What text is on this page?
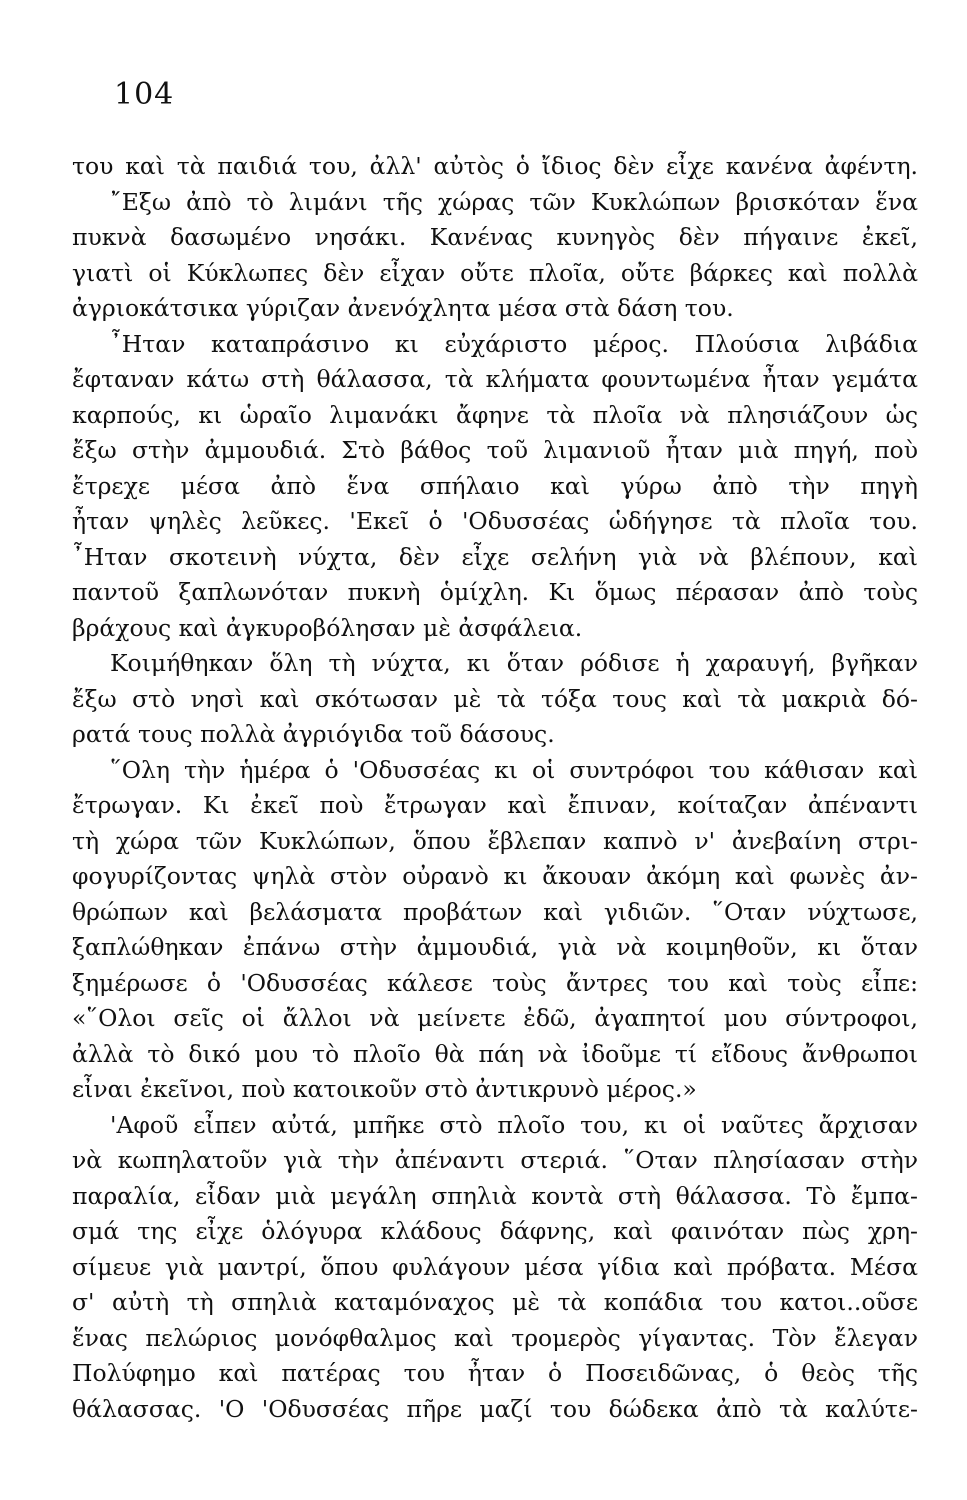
104
του καὶ τὰ παιδιά του, ἀλλ' αὐτὸς ὁ ἴδιος δὲν εἶχε κανένα ἀφέντη.
῎Εξω ἀπὸ τὸ λιμάνι τῆς χώρας τῶν Κυκλώπων βρισκόταν ἕνα
πυκνὰ δασωμένο νησάκι. Κανένας κυνηγὸς δὲν πήγαινε ἐκεῖ,
γιατὶ οἱ Κύκλωπες δὲν εἶχαν οὔτε πλοῖα, οὔτε βάρκες καὶ πολλὰ
ἀγριοκάτσικα γύριζαν ἀνενόχλητα μέσα στὰ δάση του.
῏Ηταν καταπράσινο κι εὐχάριστο μέρος. Πλούσια λιβάδια
ἔφταναν κάτω στὴ θάλασσα, τὰ κλήματα φουντωμένα ἦταν γεμάτα
καρπούς, κι ὡραῖο λιμανάκι ἄφηνε τὰ πλοῖα νὰ πλησιάζουν ὡς
ἔξω στὴν ἀμμουδιά. Στὸ βάθος τοῦ λιμανιοῦ ἦταν μιὰ πηγή, ποὺ
ἔτρεχε μέσα ἀπὸ ἕνα σπήλαιο καὶ γύρω ἀπὸ τὴν πηγὴ
ἦταν ψηλὲς λεῦκες. 'Εκεῖ ὁ 'Οδυσσέας ὡδήγησε τὰ πλοῖα του.
῏Ηταν σκοτεινὴ νύχτα, δὲν εἶχε σελήνη γιὰ νὰ βλέπουν, καὶ
παντοῦ ξαπλωνόταν πυκνὴ ὁμίχλη. Κι ὅμως πέρασαν ἀπὸ τοὺς
βράχους καὶ ἀγκυροβόλησαν μὲ ἀσφάλεια.
Κοιμήθηκαν ὅλη τὴ νύχτα, κι ὅταν ρόδισε ἡ χαραυγή, βγῆκαν
ἔξω στὸ νησὶ καὶ σκότωσαν μὲ τὰ τόξα τους καὶ τὰ μακριὰ δό-
ρατά τους πολλὰ ἀγριόγιδα τοῦ δάσους.
῞Ολη τὴν ἡμέρα ὁ 'Οδυσσέας κι οἱ συντρόφοι του κάθισαν καὶ
ἔτρωγαν. Κι ἐκεῖ ποὺ ἔτρωγαν καὶ ἔπιναν, κοίταζαν ἀπέναντι
τὴ χώρα τῶν Κυκλώπων, ὅπου ἔβλεπαν καπνὸ ν' ἀνεβαίνη στρι-
φογυρίζοντας ψηλὰ στὸν οὐρανὸ κι ἄκουαν ἀκόμη καὶ φωνὲς ἀν-
θρώπων καὶ βελάσματα προβάτων καὶ γιδιῶν. ῞Οταν νύχτωσε,
ξαπλώθηκαν ἐπάνω στὴν ἀμμουδιά, γιὰ νὰ κοιμηθοῦν, κι ὅταν
ξημέρωσε ὁ 'Οδυσσέας κάλεσε τοὺς ἄντρες του καὶ τοὺς εἶπε:
«῞Ολοι σεῖς οἱ ἄλλοι νὰ μείνετε ἐδῶ, ἀγαπητοί μου σύντροφοι,
ἀλλὰ τὸ δικό μου τὸ πλοῖο θὰ πάη νὰ ἰδοῦμε τί εἴδους ἄνθρωποι
εἶναι ἐκεῖνοι, ποὺ κατοικοῦν στὸ ἀντικρυνὸ μέρος.»
'Αφοῦ εἶπεν αὐτά, μπῆκε στὸ πλοῖο του, κι οἱ ναῦτες ἄρχισαν
νὰ κωπηλατοῦν γιὰ τὴν ἀπέναντι στεριά. ῞Οταν πλησίασαν στὴν
παραλία, εἶδαν μιὰ μεγάλη σπηλιὰ κοντὰ στὴ θάλασσα. Τὸ ἔμπα-
σμά της εἶχε ὁλόγυρα κλάδους δάφνης, καὶ φαινόταν πὼς χρη-
σίμευε γιὰ μαντρί, ὅπου φυλάγουν μέσα γίδια καὶ πρόβατα. Μέσα
σ' αὐτὴ τὴ σπηλιὰ καταμόναχος μὲ τὰ κοπάδια του κατοι..οῦσε
ἕνας πελώριος μονόφθαλμος καὶ τρομερὸς γίγαντας. Τὸν ἔλεγαν
Πολύφημο καὶ πατέρας του ἦταν ὁ Ποσειδῶνας, ὁ θεὸς τῆς
θάλασσας. 'Ο 'Οδυσσέας πῆρε μαζί του δώδεκα ἀπὸ τὰ καλύτε-
